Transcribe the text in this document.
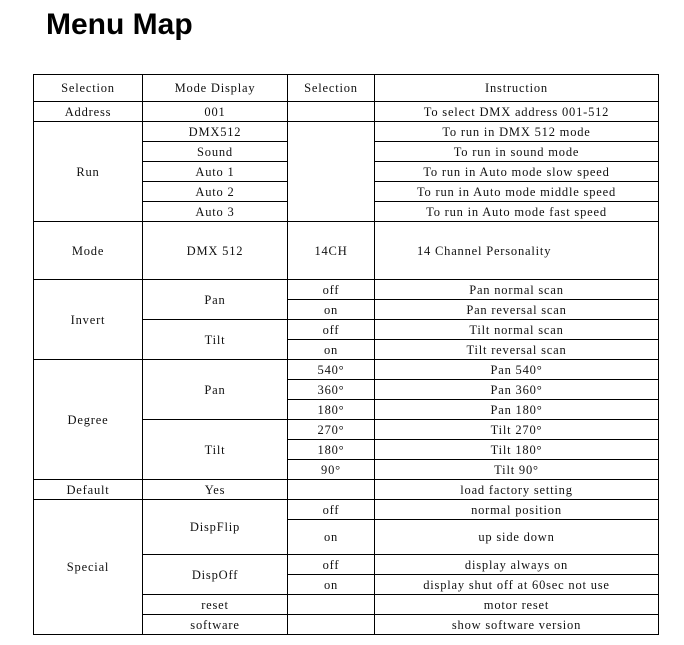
Menu Map
Selection	Mode Display	Selection	Instruction
Address	001		To select DMX address 001-512
Run	DMX512		To run in DMX 512 mode
	Sound		To run in sound mode
	Auto 1		To run in Auto mode slow speed
	Auto 2		To run in Auto mode middle speed
	Auto 3		To run in Auto mode fast speed
Mode	DMX 512	14CH	14 Channel Personality
Invert	Pan	off	Pan normal scan
		on	Pan reversal scan
	Tilt	off	Tilt normal scan
		on	Tilt reversal scan
Degree	Pan	540°	Pan 540°
		360°	Pan 360°
		180°	Pan 180°
	Tilt	270°	Tilt 270°
		180°	Tilt 180°
		90°	Tilt 90°
Default	Yes		load factory setting
Special	DispFlip	off	normal position
		on	up side down
	DispOff	off	display always on
		on	display shut off at 60sec not use
	reset		motor reset
	software		show software version
